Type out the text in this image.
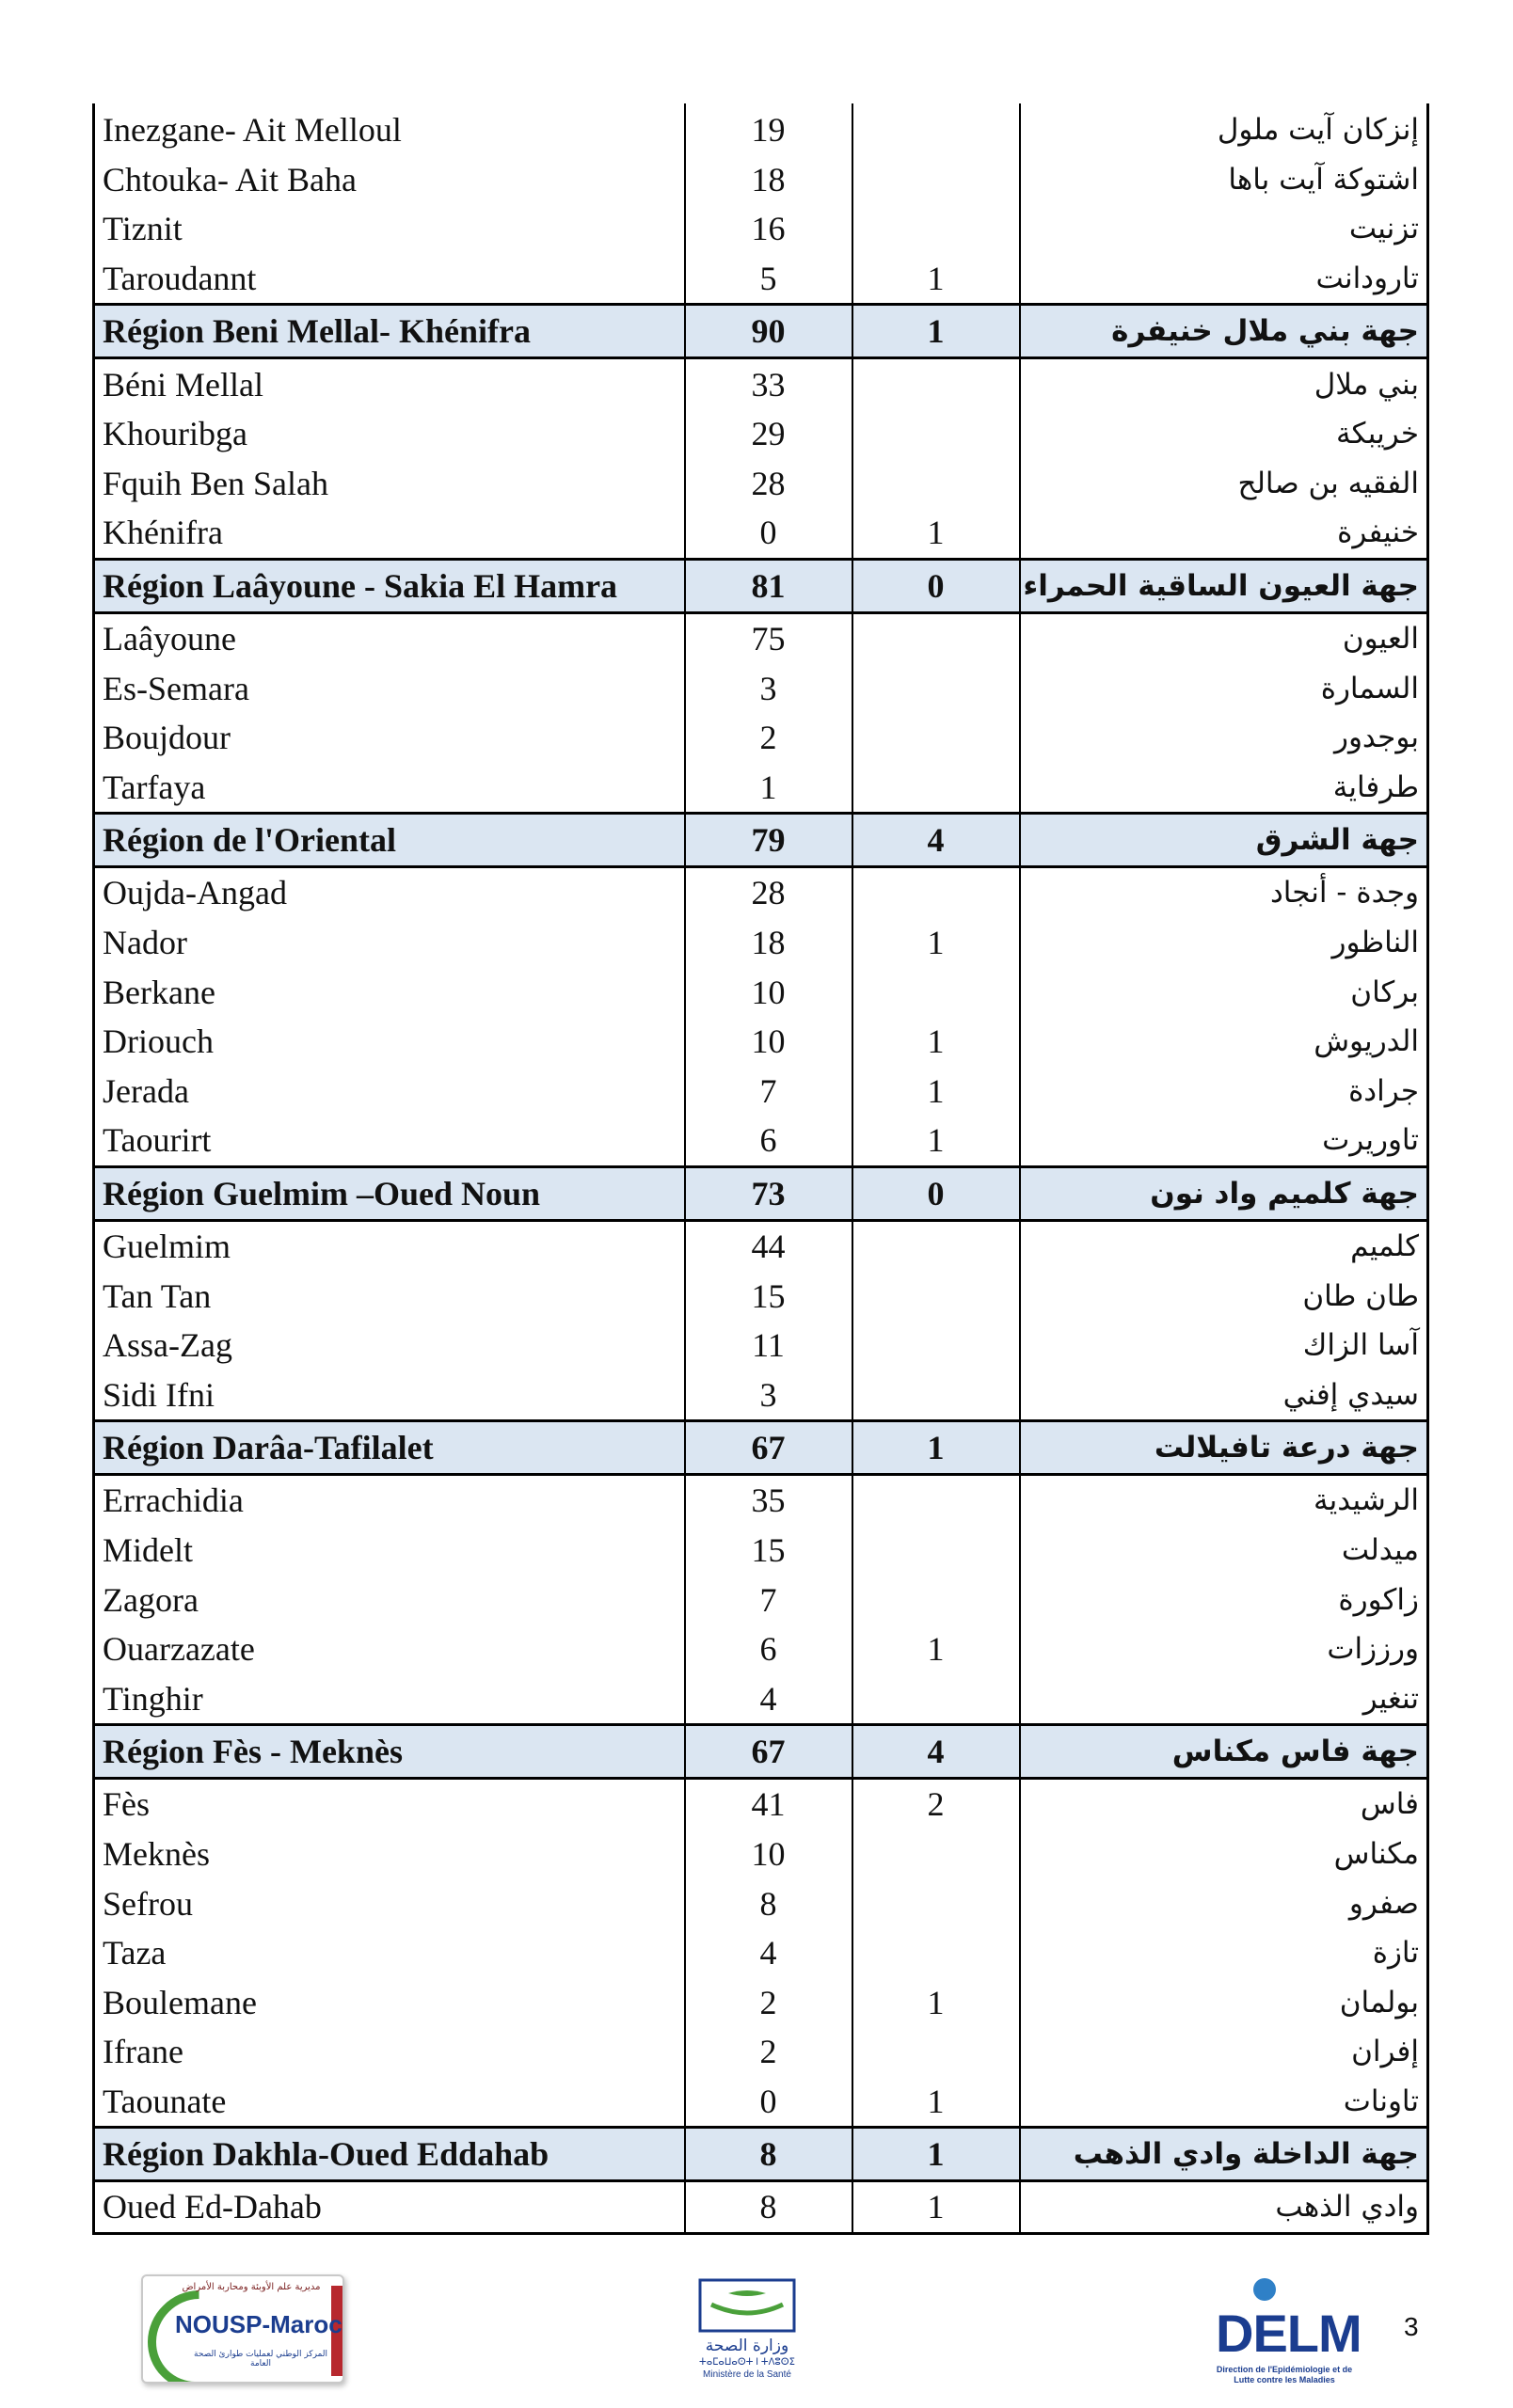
Inezgane- Ait Melloul	19		إنزكان آيت ملول
Chtouka- Ait Baha	18		اشتوكة آيت باها
Tiznit	16		تزنيت
Taroudannt	5	1	تارودانت
Région Beni Mellal- Khénifra	90	1	جهة بني ملال خنيفرة
Béni Mellal	33		بني ملال
Khouribga	29		خريبكة
Fquih Ben Salah	28		الفقيه بن صالح
Khénifra	0	1	خنيفرة
Région Laâyoune - Sakia El Hamra	81	0	جهة العيون الساقية الحمراء
Laâyoune	75		العيون
Es-Semara	3		السمارة
Boujdour	2		بوجدور
Tarfaya	1		طرفاية
Région de l'Oriental	79	4	جهة الشرق
Oujda-Angad	28		وجدة - أنجاد
Nador	18	1	الناظور
Berkane	10		بركان
Driouch	10	1	الدريوش
Jerada	7	1	جرادة
Taourirt	6	1	تاوريرت
Région Guelmim –Oued Noun	73	0	جهة كلميم واد نون
Guelmim	44		كلميم
Tan Tan	15		طان طان
Assa-Zag	11		آسا الزاك
Sidi Ifni	3		سيدي إفني
Région Darâa-Tafilalet	67	1	جهة درعة تافيلالت
Errachidia	35		الرشيدية
Midelt	15		ميدلت
Zagora	7		زاكورة
Ouarzazate	6	1	ورززات
Tinghir	4		تنغير
Région Fès - Meknès	67	4	جهة فاس مكناس
Fès	41	2	فاس
Meknès	10		مكناس
Sefrou	8		صفرو
Taza	4		تازة
Boulemane	2	1	بولمان
Ifrane	2		إفران
Taounate	0	1	تاونات
Région Dakhla-Oued Eddahab	8	1	جهة الداخلة وادي الذهب
Oued Ed-Dahab	8	1	وادي الذهب
مديرية علم الأوبئة ومحاربة الأمراض
NOUSP-Maroc
المركز الوطني لعمليات طوارئ الصحة العامة
وزارة الصحة
ⵜⴰⵎⴰⵡⴰⵙⵜ ⵏ ⵜⴷⵓⵙⵉ
Ministère de la Santé
DELM
Direction de l'Epidémiologie et de Lutte contre les Maladies
3
